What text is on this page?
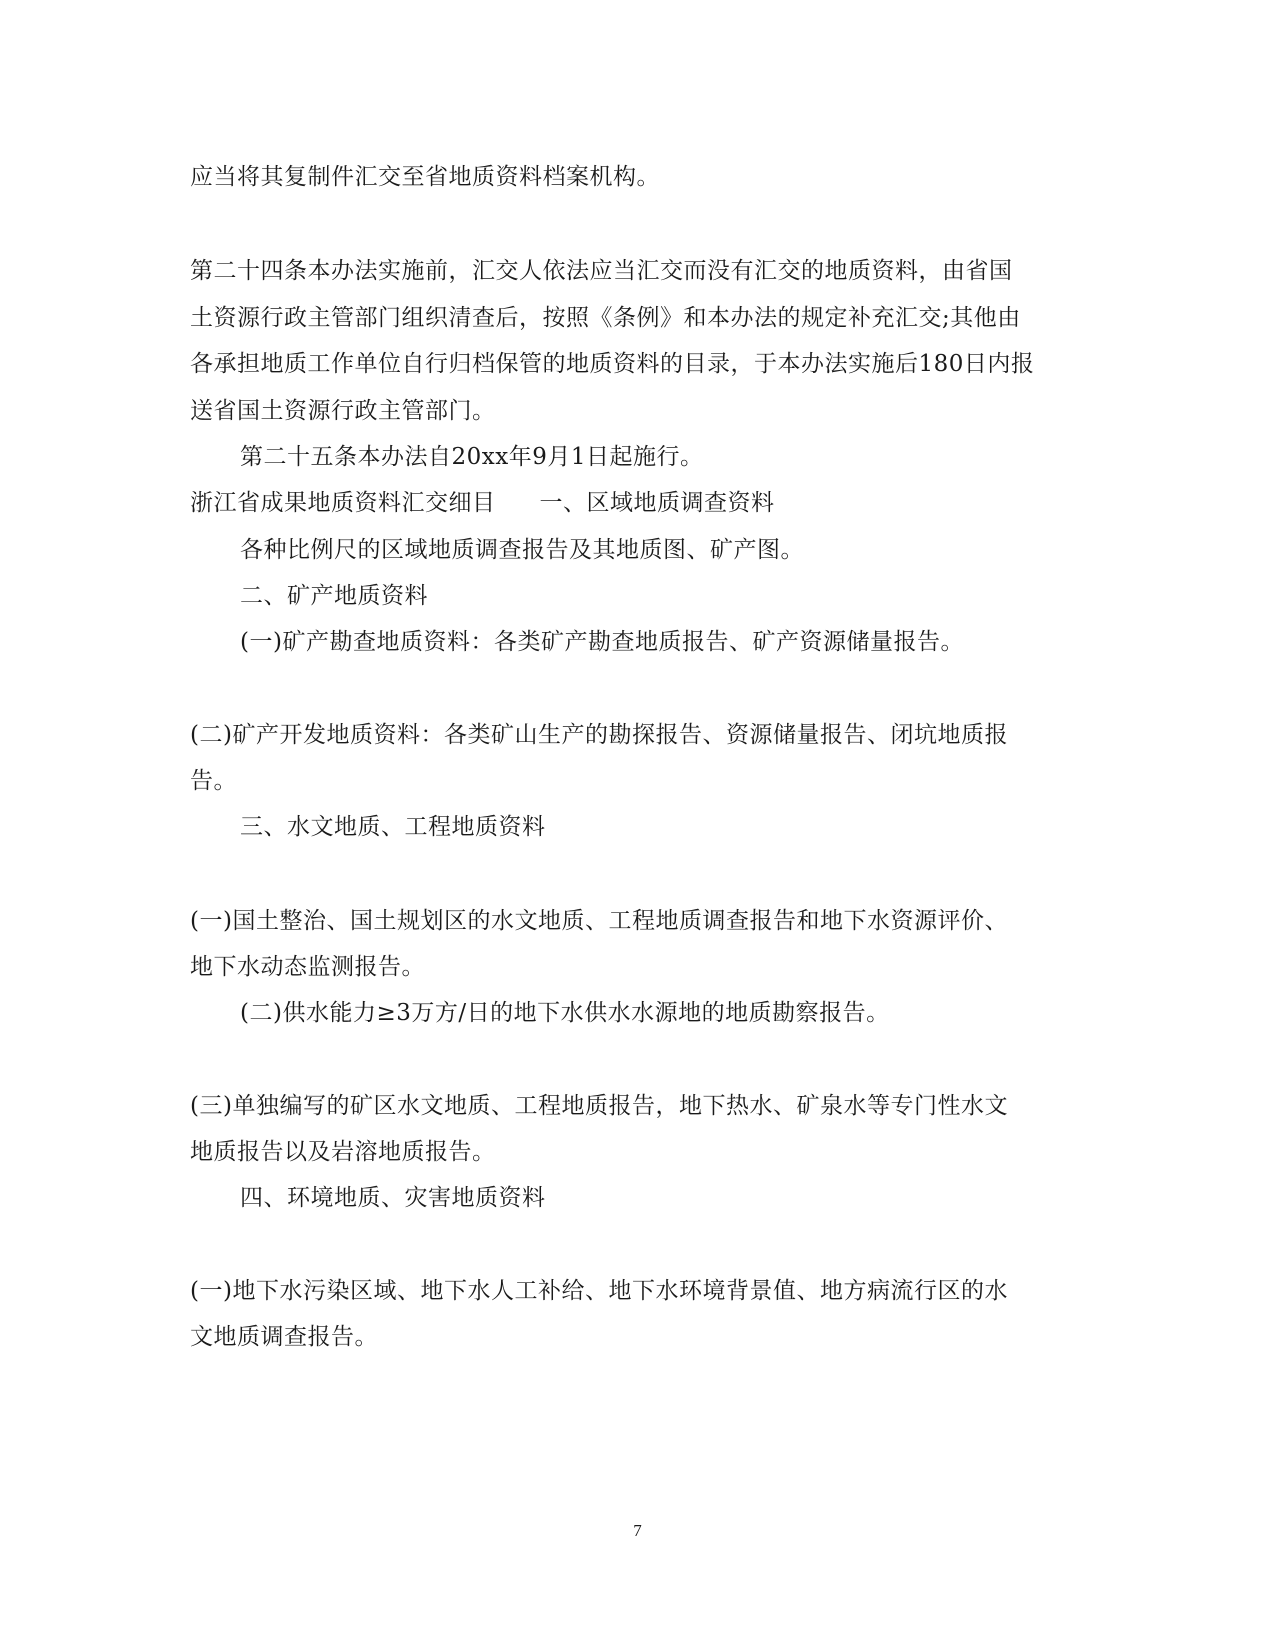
应当将其复制件汇交至省地质资料档案机构。
第二十四条本办法实施前，汇交人依法应当汇交而没有汇交的地质资料，由省国
土资源行政主管部门组织清查后，按照《条例》和本办法的规定补充汇交;其他由
各承担地质工作单位自行归档保管的地质资料的目录，于本办法实施后180日内报
送省国土资源行政主管部门。
第二十五条本办法自20xx年9月1日起施行。
浙江省成果地质资料汇交细目 一、区域地质调查资料
各种比例尺的区域地质调查报告及其地质图、矿产图。
二、矿产地质资料
(一)矿产勘查地质资料：各类矿产勘查地质报告、矿产资源储量报告。
(二)矿产开发地质资料：各类矿山生产的勘探报告、资源储量报告、闭坑地质报
告。
三、水文地质、工程地质资料
(一)国土整治、国土规划区的水文地质、工程地质调查报告和地下水资源评价、
地下水动态监测报告。
(二)供水能力≥3万方/日的地下水供水水源地的地质勘察报告。
(三)单独编写的矿区水文地质、工程地质报告，地下热水、矿泉水等专门性水文
地质报告以及岩溶地质报告。
四、环境地质、灾害地质资料
(一)地下水污染区域、地下水人工补给、地下水环境背景值、地方病流行区的水
文地质调查报告。
7
